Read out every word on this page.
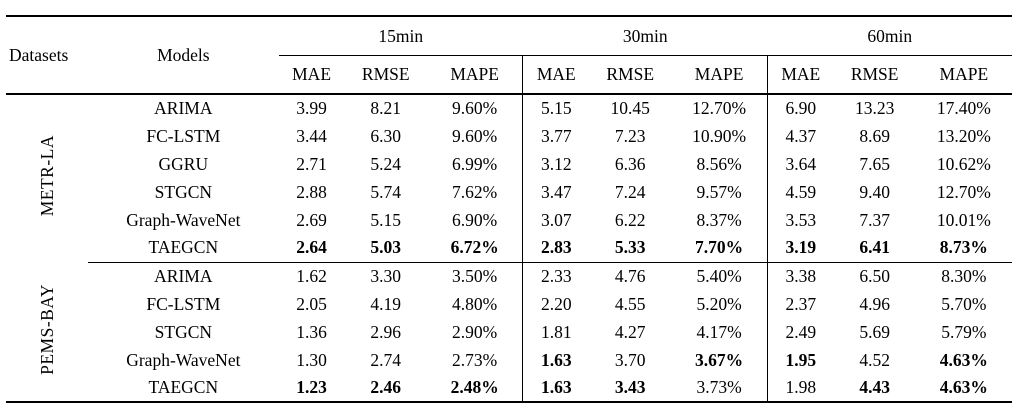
Datasets	Models	15min			30min			60min		
		MAE	RMSE	MAPE	MAE	RMSE	MAPE	MAE	RMSE	MAPE
METR-LA	ARIMA	3.99	8.21	9.60%	5.15	10.45	12.70%	6.90	13.23	17.40%
	FC-LSTM	3.44	6.30	9.60%	3.77	7.23	10.90%	4.37	8.69	13.20%
	GGRU	2.71	5.24	6.99%	3.12	6.36	8.56%	3.64	7.65	10.62%
	STGCN	2.88	5.74	7.62%	3.47	7.24	9.57%	4.59	9.40	12.70%
	Graph-WaveNet	2.69	5.15	6.90%	3.07	6.22	8.37%	3.53	7.37	10.01%
	TAEGCN	2.64	5.03	6.72%	2.83	5.33	7.70%	3.19	6.41	8.73%
PEMS-BAY	ARIMA	1.62	3.30	3.50%	2.33	4.76	5.40%	3.38	6.50	8.30%
	FC-LSTM	2.05	4.19	4.80%	2.20	4.55	5.20%	2.37	4.96	5.70%
	STGCN	1.36	2.96	2.90%	1.81	4.27	4.17%	2.49	5.69	5.79%
	Graph-WaveNet	1.30	2.74	2.73%	1.63	3.70	3.67%	1.95	4.52	4.63%
	TAEGCN	1.23	2.46	2.48%	1.63	3.43	3.73%	1.98	4.43	4.63%
